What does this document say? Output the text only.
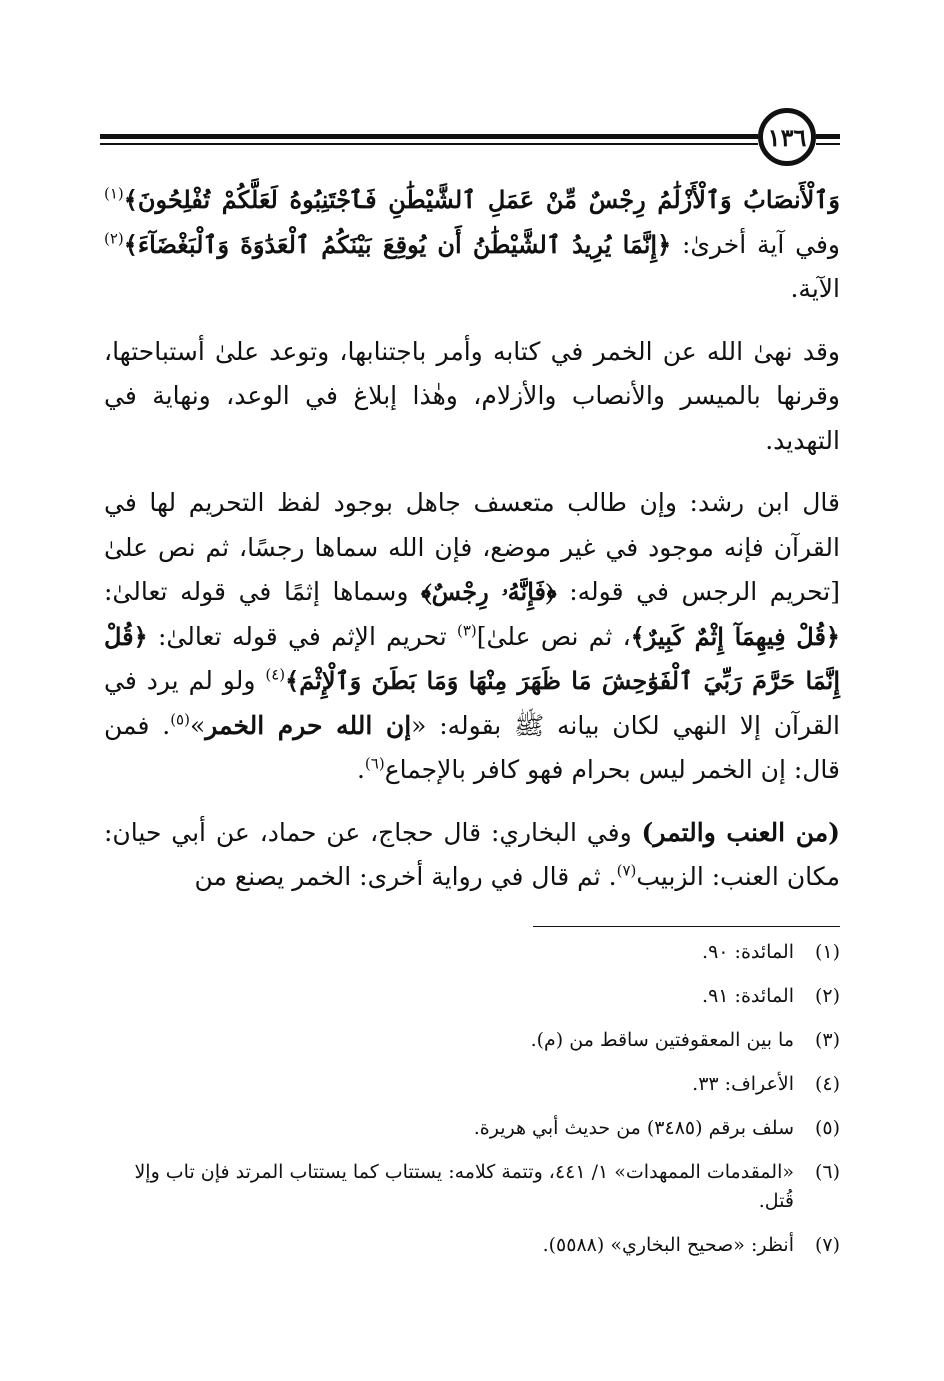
١٣٦

وَٱلْأَنصَابُ وَٱلْأَزْلَٰمُ رِجْسٌ مِّنْ عَمَلِ ٱلشَّيْطَٰنِ فَٱجْتَنِبُوهُ لَعَلَّكُمْ تُفْلِحُونَ﴾$^{(١)}$ وفي آية أخرىٰ: ﴿إِنَّمَا يُرِيدُ ٱلشَّيْطَٰنُ أَن يُوقِعَ بَيْنَكُمُ ٱلْعَدَٰوَةَ وَٱلْبَغْضَآءَ﴾$^{(٢)}$ الآية.

وقد نهىٰ الله عن الخمر في كتابه وأمر باجتنابها، وتوعد علىٰ أستباحتها، وقرنها بالميسر والأنصاب والأزلام، وهٰذا إبلاغ في الوعد، ونهاية في التهديد.

قال ابن رشد: وإن طالب متعسف جاهل بوجود لفظ التحريم لها في القرآن فإنه موجود في غير موضع، فإن الله سماها رجسًا، ثم نص علىٰ [تحريم الرجس في قوله: ﴿فَإِنَّهُۥ رِجْسٌ﴾ وسماها إثمًا في قوله تعالىٰ: ﴿قُلْ فِيهِمَآ إِثْمٌ كَبِيرٌ﴾، ثم نص علىٰ]$^{(٣)}$ تحريم الإثم في قوله تعالىٰ: ﴿قُلْ إِنَّمَا حَرَّمَ رَبِّيَ ٱلْفَوَٰحِشَ مَا ظَهَرَ مِنْهَا وَمَا بَطَنَ وَٱلْإِثْمَ﴾$^{(٤)}$ ولو لم يرد في القرآن إلا النهي لكان بيانه ﷺ بقوله: «إن الله حرم الخمر»$^{(٥)}$. فمن قال: إن الخمر ليس بحرام فهو كافر بالإجماع$^{(٦)}$.

(من العنب والتمر) وفي البخاري: قال حجاج، عن حماد، عن أبي حيان: مكان العنب: الزبيب$^{(٧)}$. ثم قال في رواية أخرى: الخمر يصنع من

(١)
المائدة: ٩٠.
(٢)
المائدة: ٩١.
(٣)
ما بين المعقوفتين ساقط من (م).
(٤)
الأعراف: ٣٣.
(٥)
سلف برقم (٣٤٨٥) من حديث أبي هريرة.
(٦)
«المقدمات الممهدات» ١/ ٤٤١، وتتمة كلامه: يستتاب كما يستتاب المرتد فإن تاب وإلا قُتل.
(٧)
أنظر: «صحيح البخاري» (٥٥٨٨).
